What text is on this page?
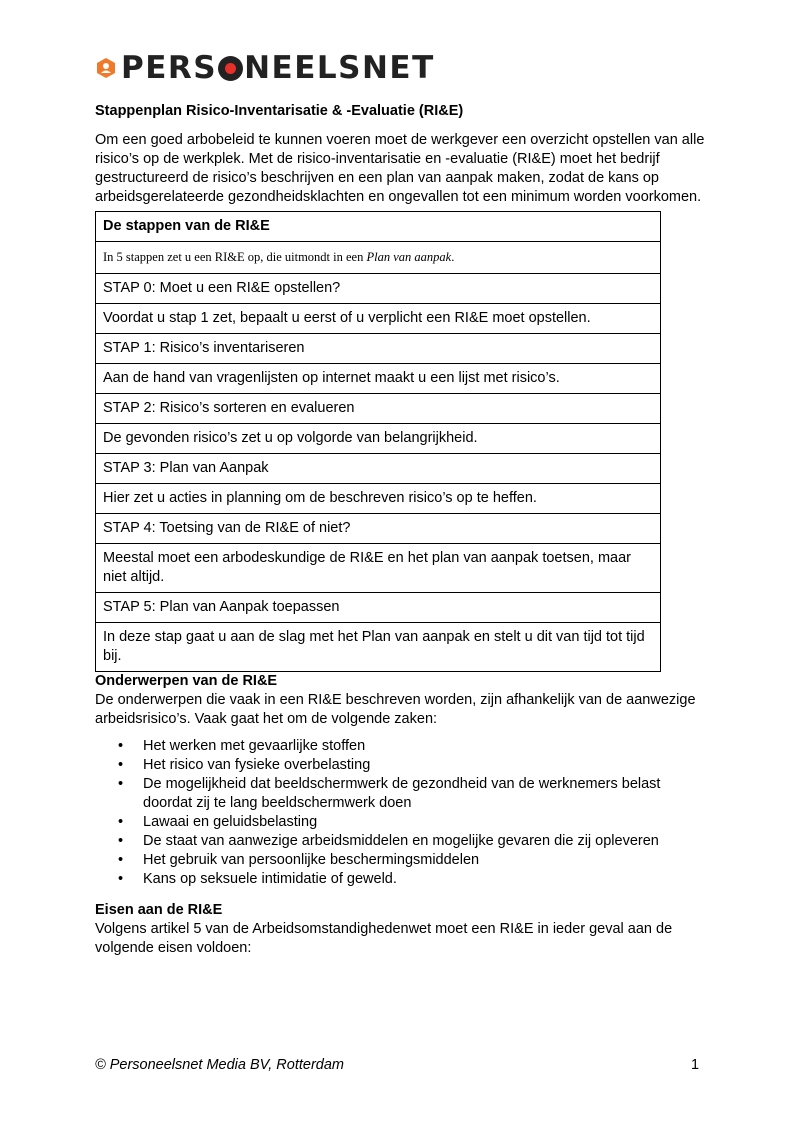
PERS NEELSNET
Stappenplan Risico-Inventarisatie & -Evaluatie (RI&E)

Om een goed arbobeleid te kunnen voeren moet de werkgever een overzicht opstellen van alle risico’s op de werkplek. Met de risico-inventarisatie en -evaluatie (RI&E) moet het bedrijf gestructureerd de risico’s beschrijven en een plan van aanpak maken, zodat de kans op arbeidsgerelateerde gezondheidsklachten en ongevallen tot een minimum worden voorkomen.

De stappen van de RI&E
In 5 stappen zet u een RI&E op, die uitmondt in een Plan van aanpak.
STAP 0: Moet u een RI&E opstellen?
Voordat u stap 1 zet, bepaalt u eerst of u verplicht een RI&E moet opstellen.
STAP 1: Risico’s inventariseren
Aan de hand van vragenlijsten op internet maakt u een lijst met risico’s.
STAP 2: Risico’s sorteren en evalueren
De gevonden risico’s zet u op volgorde van belangrijkheid.
STAP 3: Plan van Aanpak
Hier zet u acties in planning om de beschreven risico’s op te heffen.
STAP 4: Toetsing van de RI&E of niet?
Meestal moet een arbodeskundige de RI&E en het plan van aanpak toetsen, maar niet altijd.
STAP 5: Plan van Aanpak toepassen
In deze stap gaat u aan de slag met het Plan van aanpak en stelt u dit van tijd tot tijd bij.
Onderwerpen van de RI&E

De onderwerpen die vaak in een RI&E beschreven worden, zijn afhankelijk van de aanwezige arbeidsrisico’s. Vaak gaat het om de volgende zaken:

• Het werken met gevaarlijke stoffen
• Het risico van fysieke overbelasting
• De mogelijkheid dat beeldschermwerk de gezondheid van de werknemers belast doordat zij te lang beeldschermwerk doen
• Lawaai en geluidsbelasting
• De staat van aanwezige arbeidsmiddelen en mogelijke gevaren die zij opleveren
• Het gebruik van persoonlijke beschermingsmiddelen
• Kans op seksuele intimidatie of geweld.
Eisen aan de RI&E

Volgens artikel 5 van de Arbeidsomstandighedenwet moet een RI&E in ieder geval aan de volgende eisen voldoen:

© Personeelsnet Media BV, Rotterdam	1
